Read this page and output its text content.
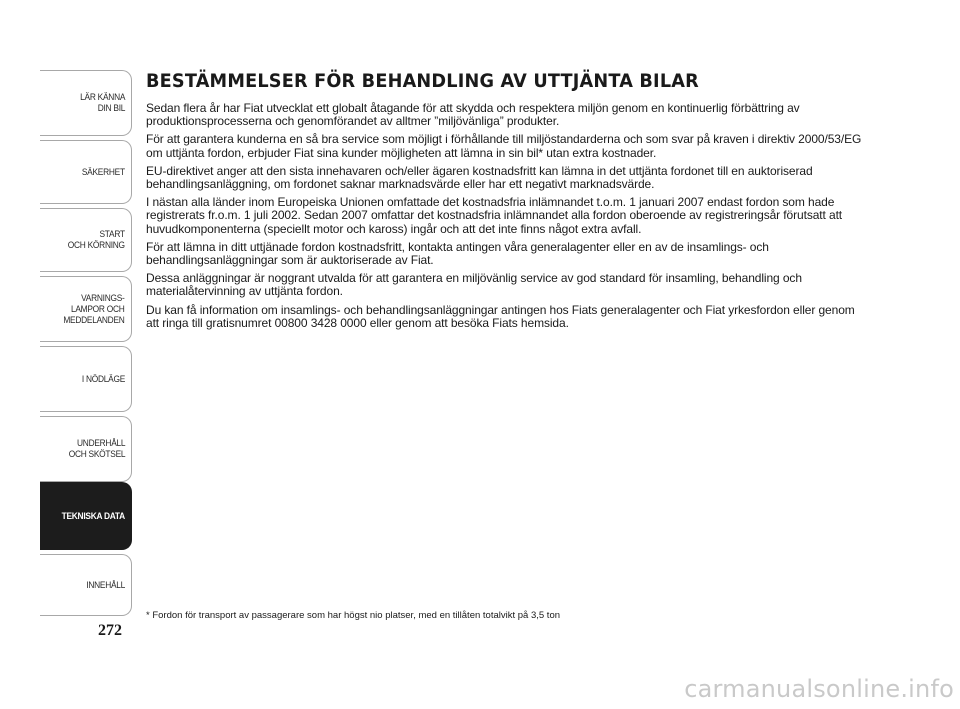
LÄR KÄNNA
DIN BIL
SÄKERHET
START
OCH KÖRNING
VARNINGS-
LAMPOR OCH
MEDDELANDEN
I NÖDLÄGE
UNDERHÅLL
OCH SKÖTSEL
TEKNISKA DATA
INNEHÅLL
272
BESTÄMMELSER FÖR BEHANDLING AV UTTJÄNTA BILAR

Sedan flera år har Fiat utvecklat ett globalt åtagande för att skydda och respektera miljön genom en kontinuerlig förbättring av produktionsprocesserna och genomförandet av alltmer ”miljövänliga” produkter.

För att garantera kunderna en så bra service som möjligt i förhållande till miljöstandarderna och som svar på kraven i direktiv 2000/53/EG om uttjänta fordon, erbjuder Fiat sina kunder möjligheten att lämna in sin bil* utan extra kostnader.

EU-direktivet anger att den sista innehavaren och/eller ägaren kostnadsfritt kan lämna in det uttjänta fordonet till en auktoriserad behandlingsanläggning, om fordonet saknar marknadsvärde eller har ett negativt marknadsvärde.

I nästan alla länder inom Europeiska Unionen omfattade det kostnadsfria inlämnandet t.o.m. 1 januari 2007 endast fordon som hade registrerats fr.o.m. 1 juli 2002. Sedan 2007 omfattar det kostnadsfria inlämnandet alla fordon oberoende av registreringsår förutsatt att huvudkomponenterna (speciellt motor och kaross) ingår och att det inte finns något extra avfall.

För att lämna in ditt uttjänade fordon kostnadsfritt, kontakta antingen våra generalagenter eller en av de insamlings- och behandlingsanläggningar som är auktoriserade av Fiat.

Dessa anläggningar är noggrant utvalda för att garantera en miljövänlig service av god standard för insamling, behandling och materialåtervinning av uttjänta fordon.

Du kan få information om insamlings- och behandlingsanläggningar antingen hos Fiats generalagenter och Fiat yrkesfordon eller genom att ringa till gratisnumret 00800 3428 0000 eller genom att besöka Fiats hemsida.

* Fordon för transport av passagerare som har högst nio platser, med en tillåten totalvikt på 3,5 ton
carmanualsonline.info
